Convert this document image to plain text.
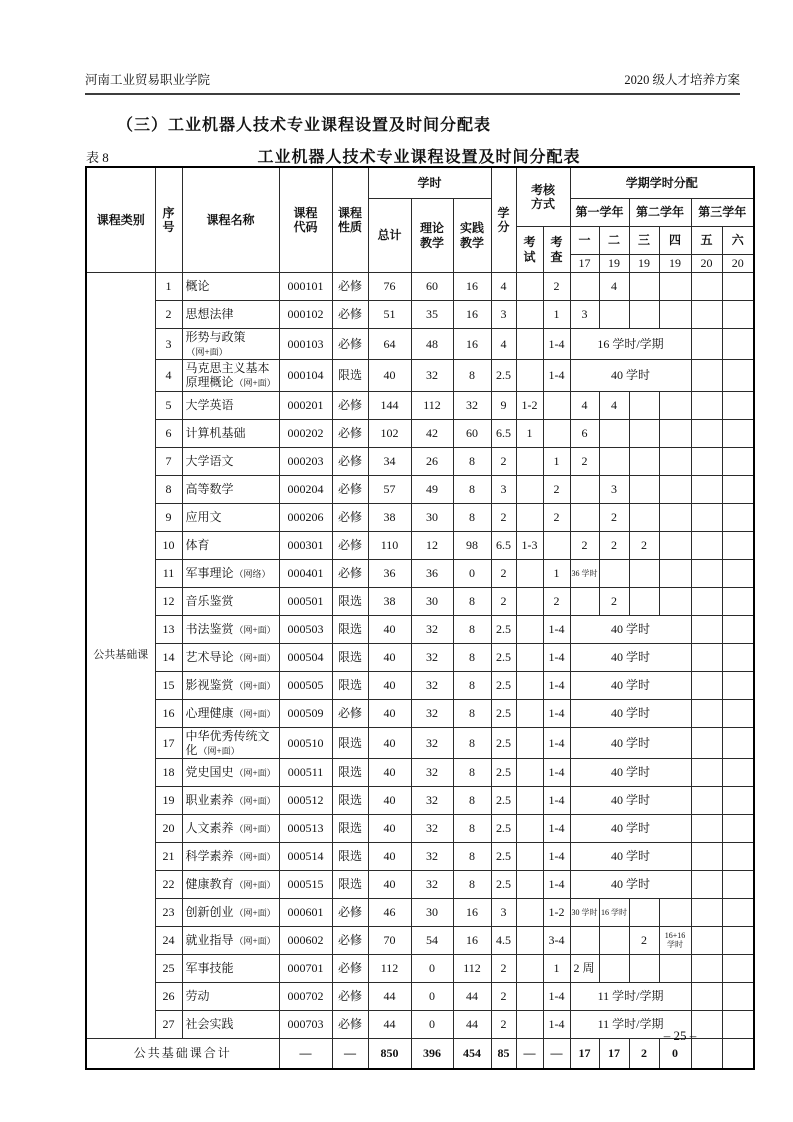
河南工业贸易职业学院	2020 级人才培养方案
（三）工业机器人技术专业课程设置及时间分配表
表 8	工业机器人技术专业课程设置及时间分配表
课程类别	序号	课程名称	课程代码	课程性质	学时			学分	考核方式		学期学时分配					
					总计	理论教学	实践教学				第一学年		第二学年		第三学年	
									考试	考查	一	二	三	四	五	六
											17	19	19	19	20	20
公共基础课	1	概论	000101	必修	76	60	16	4		2		4				
	2	思想法律	000102	必修	51	35	16	3		1	3					
	3	形势与政策（网+面）	000103	必修	64	48	16	4		1-4	16 学时/学期					
	4	马克思主义基本原理概论（网+面）	000104	限选	40	32	8	2.5		1-4	40 学时					
	5	大学英语	000201	必修	144	112	32	9	1-2		4	4				
	6	计算机基础	000202	必修	102	42	60	6.5	1		6					
	7	大学语文	000203	必修	34	26	8	2		1	2					
	8	高等数学	000204	必修	57	49	8	3		2		3				
	9	应用文	000206	必修	38	30	8	2		2		2				
	10	体育	000301	必修	110	12	98	6.5	1-3		2	2	2			
	11	军事理论（网络）	000401	必修	36	36	0	2		1	36 学时					
	12	音乐鉴赏	000501	限选	38	30	8	2		2		2				
	13	书法鉴赏（网+面）	000503	限选	40	32	8	2.5		1-4	40 学时					
	14	艺术导论（网+面）	000504	限选	40	32	8	2.5		1-4	40 学时					
	15	影视鉴赏（网+面）	000505	限选	40	32	8	2.5		1-4	40 学时					
	16	心理健康（网+面）	000509	必修	40	32	8	2.5		1-4	40 学时					
	17	中华优秀传统文化（网+面）	000510	限选	40	32	8	2.5		1-4	40 学时					
	18	党史国史（网+面）	000511	限选	40	32	8	2.5		1-4	40 学时					
	19	职业素养（网+面）	000512	限选	40	32	8	2.5		1-4	40 学时					
	20	人文素养（网+面）	000513	限选	40	32	8	2.5		1-4	40 学时					
	21	科学素养（网+面）	000514	限选	40	32	8	2.5		1-4	40 学时					
	22	健康教育（网+面）	000515	限选	40	32	8	2.5		1-4	40 学时					
	23	创新创业（网+面）	000601	必修	46	30	16	3		1-2	30 学时	16 学时				
	24	就业指导（网+面）	000602	必修	70	54	16	4.5		3-4			2	16+16 学时		
	25	军事技能	000701	必修	112	0	112	2		1	2 周					
	26	劳动	000702	必修	44	0	44	2		1-4	11 学时/学期					
	27	社会实践	000703	必修	44	0	44	2		1-4	11 学时/学期					
公共基础课合计			—	—	850	396	454	85	—	—	17	17	2	0		
– 25 –
